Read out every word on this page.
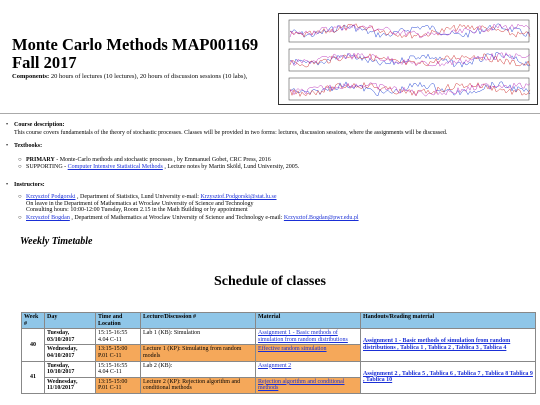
Monte Carlo Methods MAP001169
Fall 2017
Components: 20 hours of lectures (10 lectures), 20 hours of discussion sessions (10 labs),
• Course description:
This course covers fundamentals of the theory of stochastic processes. Classes will be provided in two forms: lectures, discussion sessions, where the assignments will be discussed.
• Textbooks:
○ PRIMARY - Monte-Carlo methods and stochastic processes , by Emmanuel Gobet, CRC Press, 2016
○ SUPPORTING - Computer Intensive Statistical Methods , Lecture notes by Martin Sköld, Lund University, 2005.
• Instructors:
○ Krzysztof Podgorski , Department of Statistics, Lund University e-mail: Krzysztof.Podgorski@stat.lu.se
On leave in the Department of Mathematics at Wroclaw University of Science and Technology
Consulting hours: 10:00-12:00 Tuesday, Room 2.15 in the Math Building or by appointment
○ Krzysztof Bogdan , Department of Mathematics at Wroclaw University of Science and Technology e-mail: Krzysztof.Bogdan@pwr.edu.pl
Weekly Timetable
Schedule of classes
Week #	Day	Time and Location	Lecture/Discussion #	Material	Handouts/Reading material
40	Tuesday, 03/10/2017	15:15-16:55 4.04 C-11	Lab 1 (KB): Simulation	Assignment 1 - Basic methods of simulation from random distributions	Assignment 1 - Basic methods of simulation from random distributions , Tablica 1 , Tablica 2 , Tablica 3 , Tablica 4
	Wednesday, 04/10/2017	13:15-15:00 P.01 C-11	Lecture 1 (KP): Simulating from random models	Effective random simulation	
41	Tuesday, 10/10/2017	15:15-16:55 4.04 C-11	Lab 2 (KB):	Assignment 2	Assignment 2 , Tablica 5 , Tablica 6 , Tablica 7 , Tablica 8 Tablica 9 , Tablica 10
	Wednesday, 11/10/2017	13:15-15:00 P.01 C-11	Lecture 2 (KP): Rejection algorithm and conditional methods	Rejection algorithm and conditional methods	
